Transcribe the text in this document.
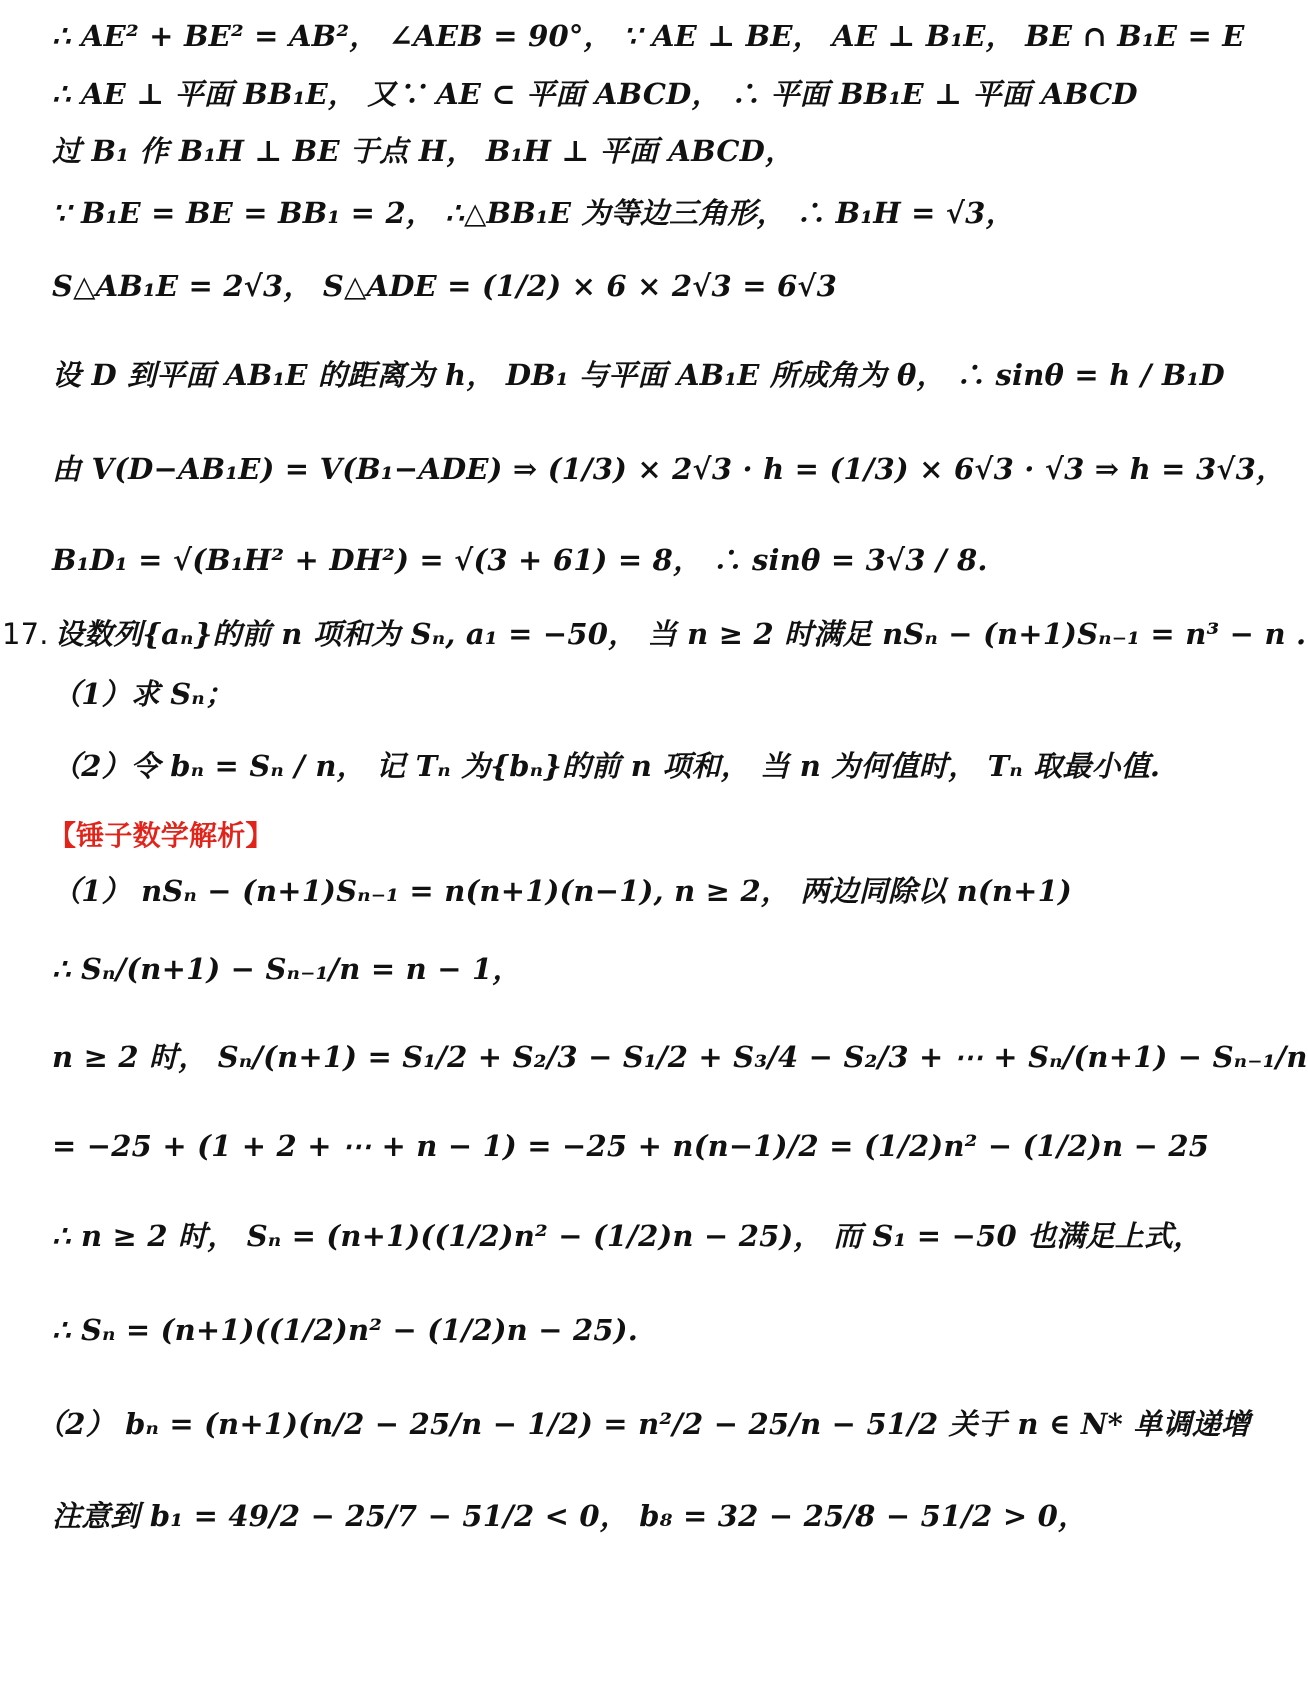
∴ AE² + BE² = AB²， ∠AEB = 90°， ∵ AE ⊥ BE， AE ⊥ B₁E， BE ∩ B₁E = E
∴ AE ⊥ 平面 BB₁E， 又∵ AE ⊂ 平面 ABCD， ∴ 平面 BB₁E ⊥ 平面 ABCD
过 B₁ 作 B₁H ⊥ BE 于点 H， B₁H ⊥ 平面 ABCD，
∵ B₁E = BE = BB₁ = 2， ∴△BB₁E 为等边三角形， ∴ B₁H = √3，
S△AB₁E = 2√3， S△ADE = (1/2) × 6 × 2√3 = 6√3
设 D 到平面 AB₁E 的距离为 h， DB₁ 与平面 AB₁E 所成角为 θ， ∴ sinθ = h / B₁D
由 V(D−AB₁E) = V(B₁−ADE) ⇒ (1/3) × 2√3 · h = (1/3) × 6√3 · √3 ⇒ h = 3√3，
B₁D₁ = √(B₁H² + DH²) = √(3 + 61) = 8， ∴ sinθ = 3√3 / 8.
17. 设数列{aₙ}的前 n 项和为 Sₙ, a₁ = −50， 当 n ≥ 2 时满足 nSₙ − (n+1)Sₙ₋₁ = n³ − n .
（1）求 Sₙ；
（2）令 bₙ = Sₙ / n， 记 Tₙ 为{bₙ}的前 n 项和， 当 n 为何值时， Tₙ 取最小值.
【锤子数学解析】
（1） nSₙ − (n+1)Sₙ₋₁ = n(n+1)(n−1), n ≥ 2， 两边同除以 n(n+1)
∴ Sₙ/(n+1) − Sₙ₋₁/n = n − 1，
n ≥ 2 时， Sₙ/(n+1) = S₁/2 + S₂/3 − S₁/2 + S₃/4 − S₂/3 + ⋯ + Sₙ/(n+1) − Sₙ₋₁/n
= −25 + (1 + 2 + ⋯ + n − 1) = −25 + n(n−1)/2 = (1/2)n² − (1/2)n − 25
∴ n ≥ 2 时， Sₙ = (n+1)((1/2)n² − (1/2)n − 25)， 而 S₁ = −50 也满足上式，
∴ Sₙ = (n+1)((1/2)n² − (1/2)n − 25).
（2） bₙ = (n+1)(n/2 − 25/n − 1/2) = n²/2 − 25/n − 51/2 关于 n ∈ N* 单调递增
注意到 b₁ = 49/2 − 25/7 − 51/2 < 0， b₈ = 32 − 25/8 − 51/2 > 0，
